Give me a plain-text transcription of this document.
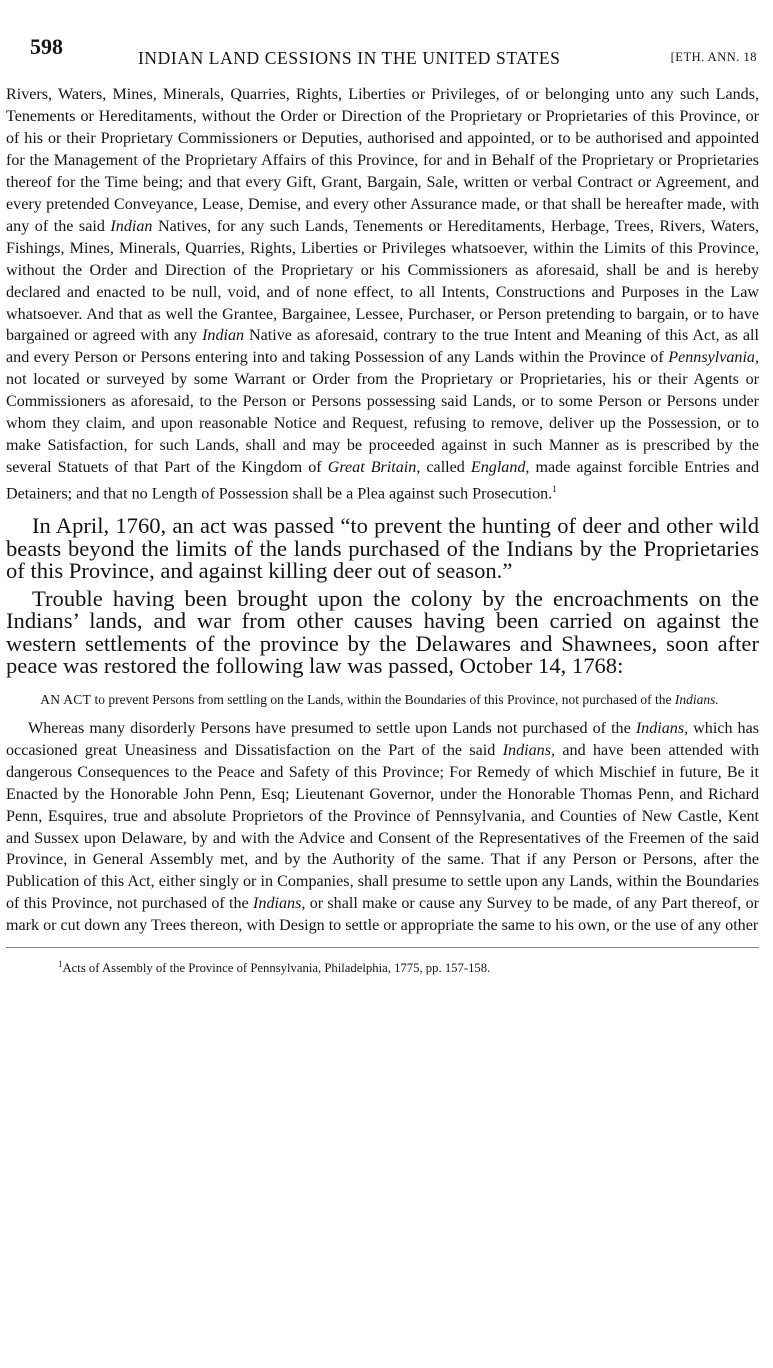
598	INDIAN LAND CESSIONS IN THE UNITED STATES	[ETH. ANN. 18

Rivers, Waters, Mines, Minerals, Quarries, Rights, Liberties or Privileges, of or belonging unto any such Lands, Tenements or Hereditaments, without the Order or Direction of the Proprietary or Proprietaries of this Province, or of his or their Proprietary Commissioners or Deputies, authorised and appointed, or to be authorised and appointed for the Management of the Proprietary Affairs of this Province, for and in Behalf of the Proprietary or Proprietaries thereof for the Time being; and that every Gift, Grant, Bargain, Sale, written or verbal Contract or Agreement, and every pretended Conveyance, Lease, Demise, and every other Assurance made, or that shall be hereafter made, with any of the said Indian Natives, for any such Lands, Tenements or Hereditaments, Herbage, Trees, Rivers, Waters, Fishings, Mines, Minerals, Quarries, Rights, Liberties or Privileges whatsoever, within the Limits of this Province, without the Order and Direction of the Proprietary or his Commissioners as aforesaid, shall be and is hereby declared and enacted to be null, void, and of none effect, to all Intents, Constructions and Purposes in the Law whatsoever. And that as well the Grantee, Bargainee, Lessee, Purchaser, or Person pretending to bargain, or to have bargained or agreed with any Indian Native as aforesaid, contrary to the true Intent and Meaning of this Act, as all and every Person or Persons entering into and taking Possession of any Lands within the Province of Pennsylvania, not located or surveyed by some Warrant or Order from the Proprietary or Proprietaries, his or their Agents or Commissioners as aforesaid, to the Person or Persons possessing said Lands, or to some Person or Persons under whom they claim, and upon reasonable Notice and Request, refusing to remove, deliver up the Possession, or to make Satisfaction, for such Lands, shall and may be proceeded against in such Manner as is prescribed by the several Statuets of that Part of the Kingdom of Great Britain, called England, made against forcible Entries and Detainers; and that no Length of Possession shall be a Plea against such Prosecution.$^1$

In April, 1760, an act was passed “to prevent the hunting of deer and other wild beasts beyond the limits of the lands purchased of the Indians by the Proprietaries of this Province, and against killing deer out of season.”

Trouble having been brought upon the colony by the encroachments on the Indians’ lands, and war from other causes having been carried on against the western settlements of the province by the Delawares and Shawnees, soon after peace was restored the following law was passed, October 14, 1768:

AN ACT to prevent Persons from settling on the Lands, within the Boundaries of this Province, not purchased of the Indians.

Whereas many disorderly Persons have presumed to settle upon Lands not purchased of the Indians, which has occasioned great Uneasiness and Dissatisfaction on the Part of the said Indians, and have been attended with dangerous Consequences to the Peace and Safety of this Province; For Remedy of which Mischief in future, Be it Enacted by the Honorable John Penn, Esq; Lieutenant Governor, under the Honorable Thomas Penn, and Richard Penn, Esquires, true and absolute Proprietors of the Province of Pennsylvania, and Counties of New Castle, Kent and Sussex upon Delaware, by and with the Advice and Consent of the Representatives of the Freemen of the said Province, in General Assembly met, and by the Authority of the same. That if any Person or Persons, after the Publication of this Act, either singly or in Companies, shall presume to settle upon any Lands, within the Boundaries of this Province, not purchased of the Indians, or shall make or cause any Survey to be made, of any Part thereof, or mark or cut down any Trees thereon, with Design to settle or appropriate the same to his own, or the use of any other

$^1$Acts of Assembly of the Province of Pennsylvania, Philadelphia, 1775, pp. 157-158.
